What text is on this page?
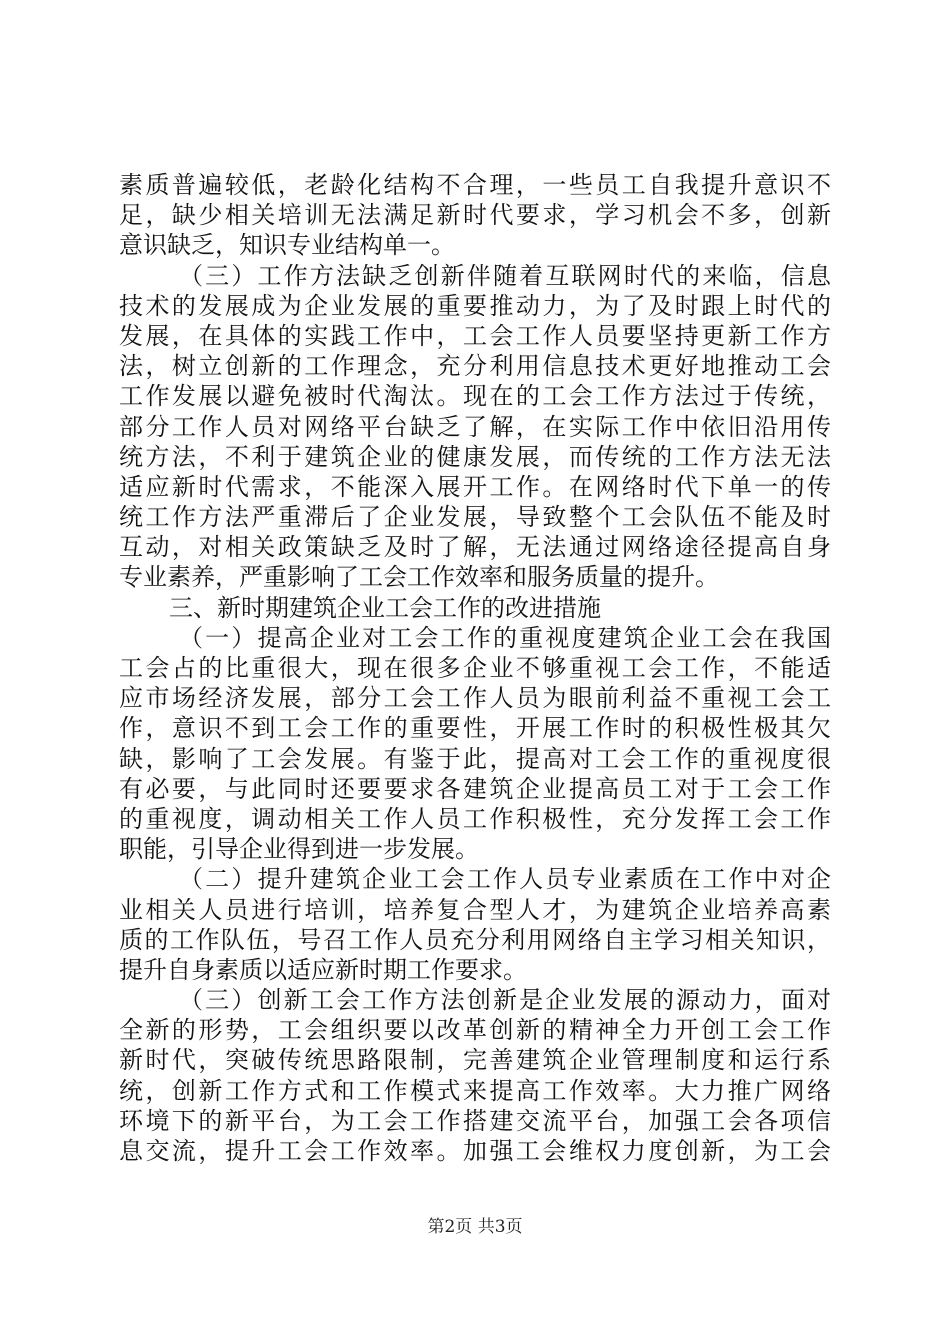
素质普遍较低，老龄化结构不合理，一些员工自我提升意识不
足，缺少相关培训无法满足新时代要求，学习机会不多，创新
意识缺乏，知识专业结构单一。
（三）工作方法缺乏创新伴随着互联网时代的来临，信息
技术的发展成为企业发展的重要推动力，为了及时跟上时代的
发展，在具体的实践工作中，工会工作人员要坚持更新工作方
法，树立创新的工作理念，充分利用信息技术更好地推动工会
工作发展以避免被时代淘汰。现在的工会工作方法过于传统，
部分工作人员对网络平台缺乏了解，在实际工作中依旧沿用传
统方法，不利于建筑企业的健康发展，而传统的工作方法无法
适应新时代需求，不能深入展开工作。在网络时代下单一的传
统工作方法严重滞后了企业发展，导致整个工会队伍不能及时
互动，对相关政策缺乏及时了解，无法通过网络途径提高自身
专业素养，严重影响了工会工作效率和服务质量的提升。
三、新时期建筑企业工会工作的改进措施
（一）提高企业对工会工作的重视度建筑企业工会在我国
工会占的比重很大，现在很多企业不够重视工会工作，不能适
应市场经济发展，部分工会工作人员为眼前利益不重视工会工
作，意识不到工会工作的重要性，开展工作时的积极性极其欠
缺，影响了工会发展。有鉴于此，提高对工会工作的重视度很
有必要，与此同时还要要求各建筑企业提高员工对于工会工作
的重视度，调动相关工作人员工作积极性，充分发挥工会工作
职能，引导企业得到进一步发展。
（二）提升建筑企业工会工作人员专业素质在工作中对企
业相关人员进行培训，培养复合型人才，为建筑企业培养高素
质的工作队伍，号召工作人员充分利用网络自主学习相关知识，
提升自身素质以适应新时期工作要求。
（三）创新工会工作方法创新是企业发展的源动力，面对
全新的形势，工会组织要以改革创新的精神全力开创工会工作
新时代，突破传统思路限制，完善建筑企业管理制度和运行系
统，创新工作方式和工作模式来提高工作效率。大力推广网络
环境下的新平台，为工会工作搭建交流平台，加强工会各项信
息交流，提升工会工作效率。加强工会维权力度创新，为工会
第2页 共3页
